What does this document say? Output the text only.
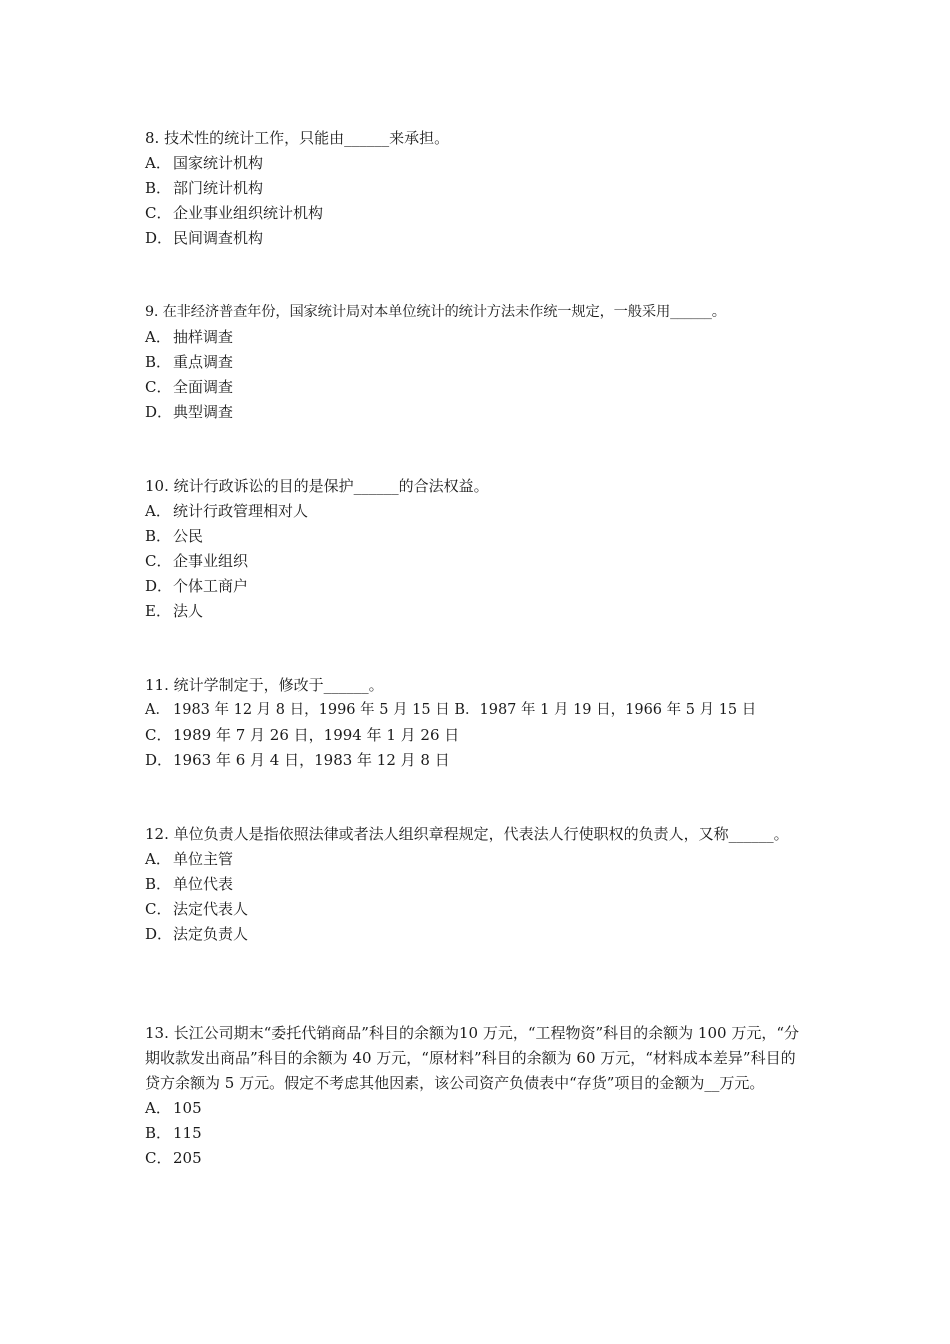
8. 技术性的统计工作，只能由______来承担。

A． 国家统计机构
B． 部门统计机构
C． 企业事业组织统计机构
D．民间调查机构

9. 在非经济普查年份，国家统计局对本单位统计的统计方法未作统一规定，一般采用______。

A． 抽样调查
B． 重点调查
C． 全面调查
D．典型调查

10. 统计行政诉讼的目的是保护______的合法权益。

A． 统计行政管理相对人
B． 公民
C． 企事业组织
D．个体工商户
E． 法人

11. 统计学制定于，修改于______。

A． 1983 年 12 月 8 日，1996 年 5 月 15 日 B．1987 年 1 月 19 日，1966 年 5 月 15 日
C． 1989 年 7 月 26 日，1994 年 1 月 26 日
D．1963 年 6 月 4 日，1983 年 12 月 8 日

12. 单位负责人是指依照法律或者法人组织章程规定，代表法人行使职权的负责人，又称______。

A． 单位主管
B． 单位代表
C． 法定代表人
D．法定负责人

13. 长江公司期末“委托代销商品”科目的余额为10 万元，“工程物资”科目的余额为 100 万元，“分期收款发出商品”科目的余额为 40 万元，“原材料”科目的余额为 60 万元，“材料成本差异”科目的贷方余额为 5 万元。假定不考虑其他因素，该公司资产负债表中“存货”项目的金额为__万元。

A． 105
B． 115
C． 205
